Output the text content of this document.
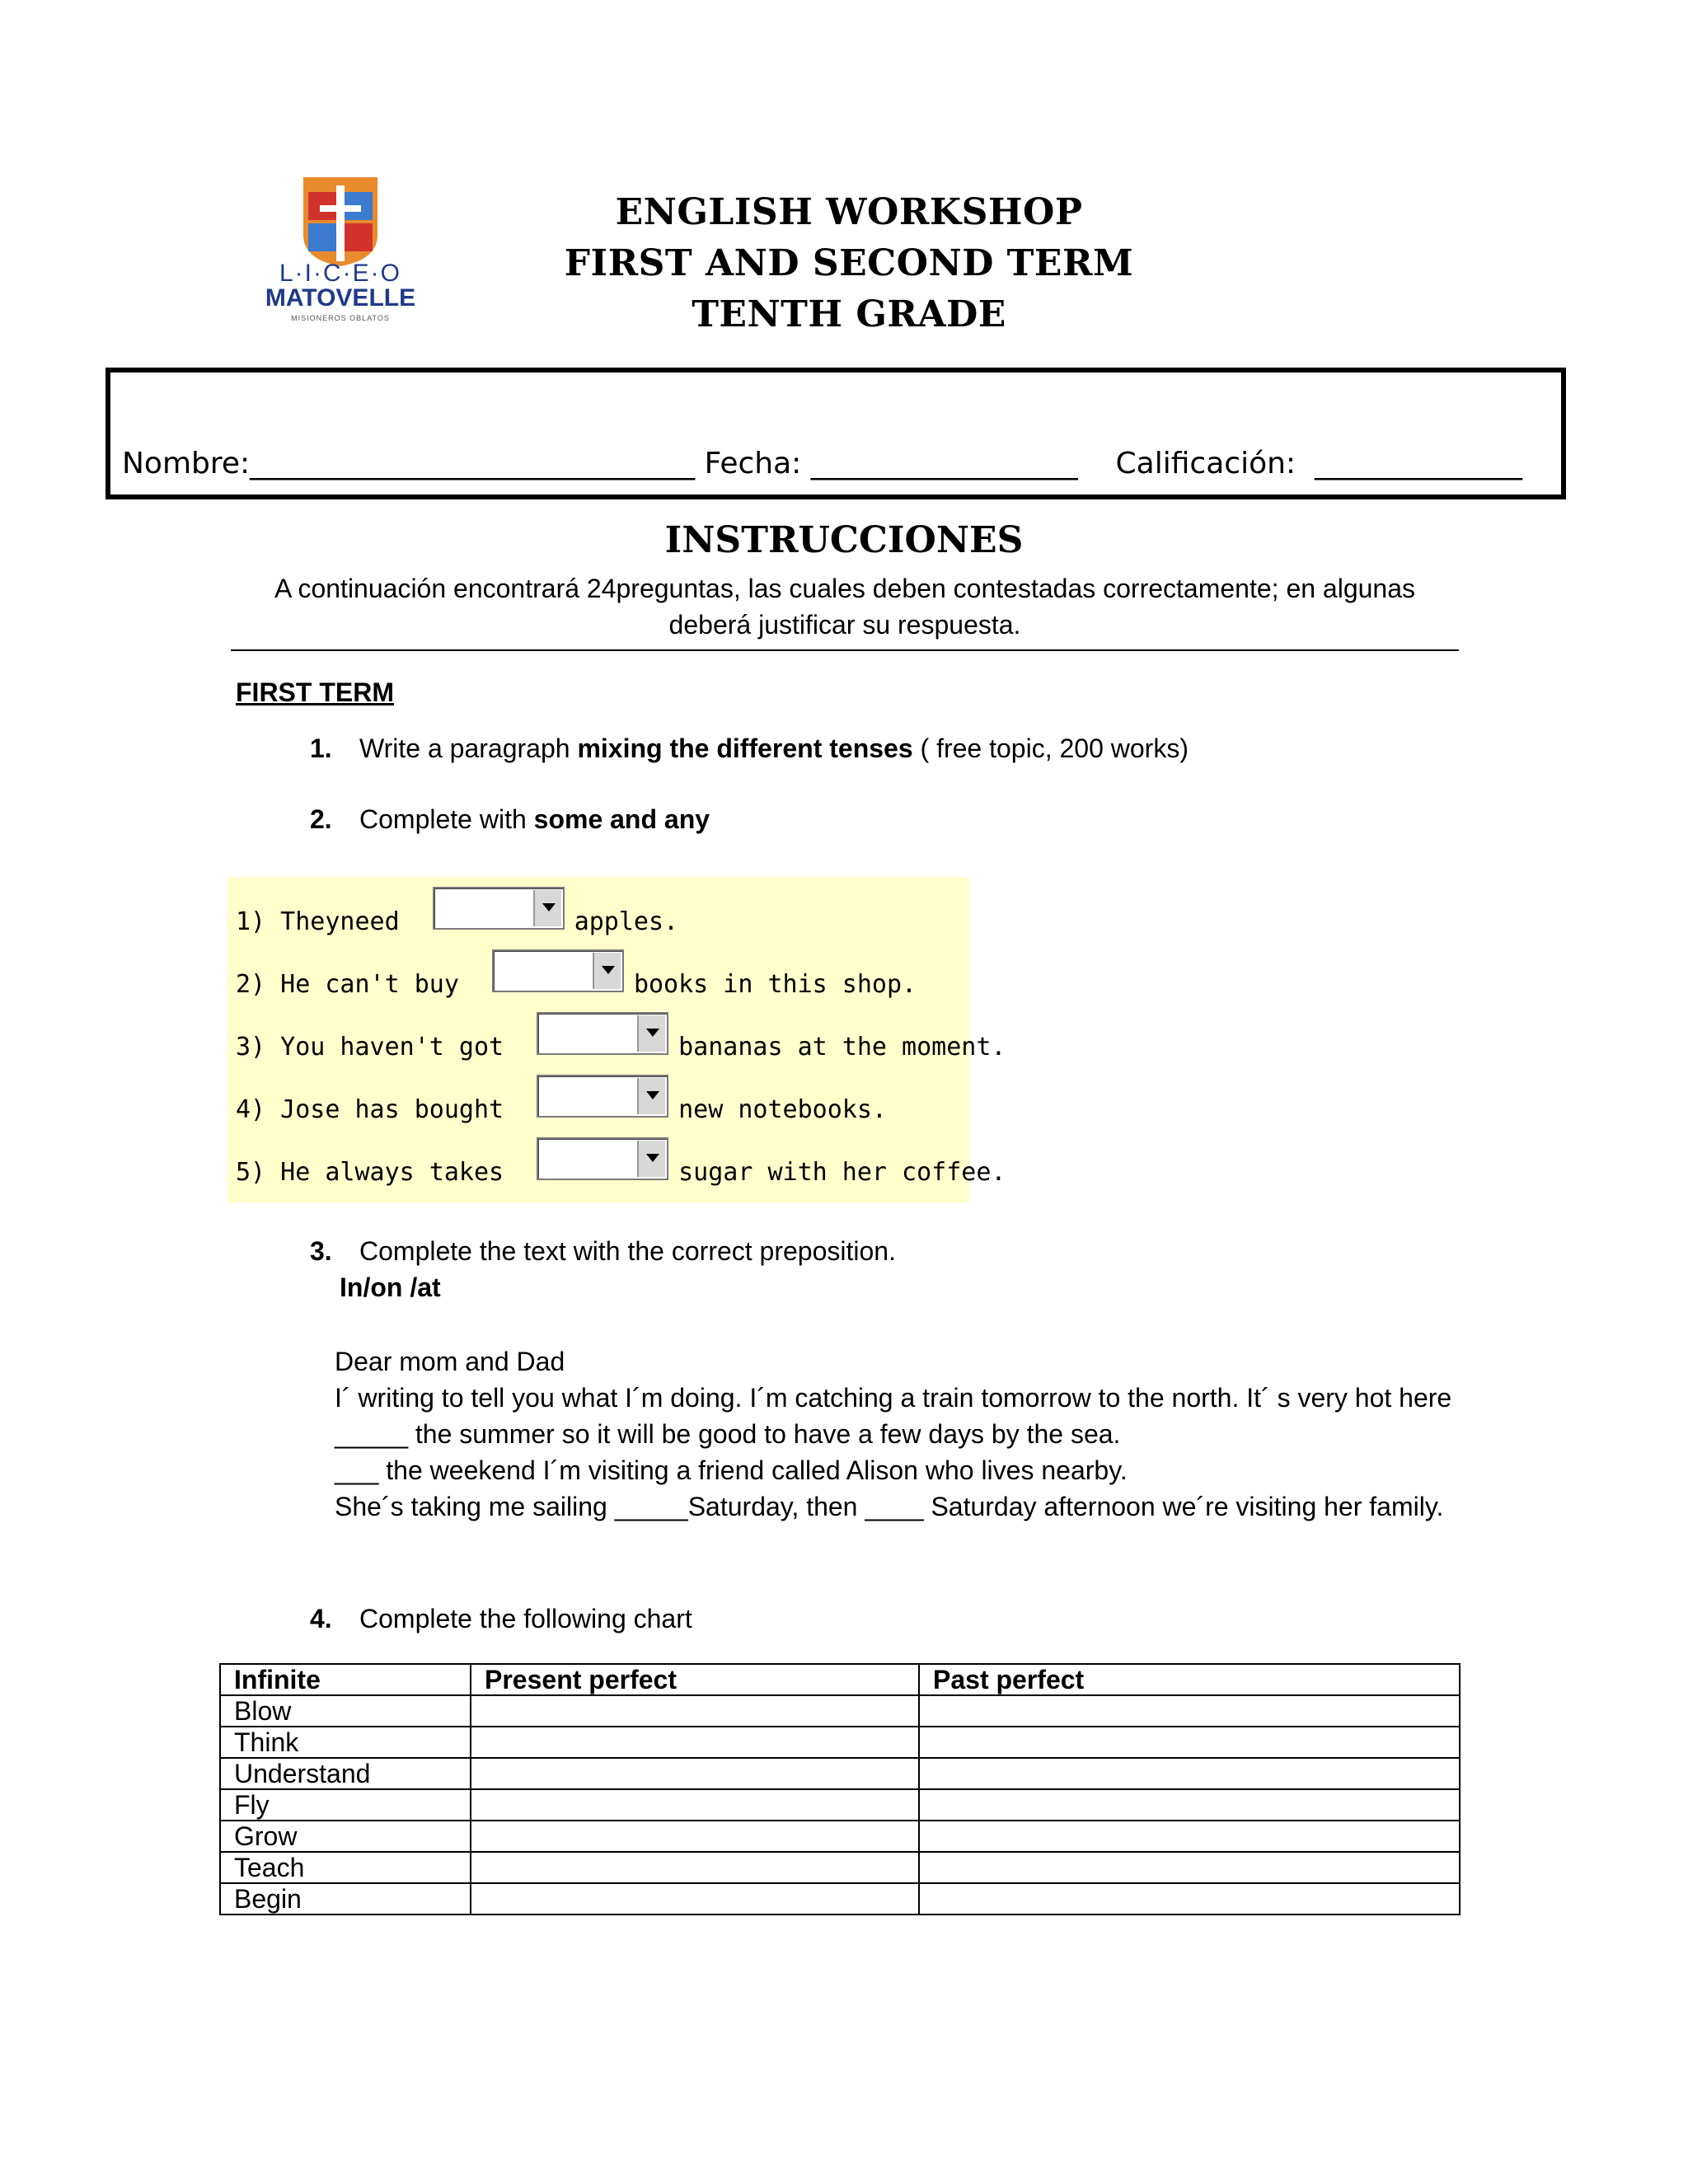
L·I·C·E·O
MATOVELLE
MISIONEROS OBLATOS
ENGLISH WORKSHOP
FIRST AND SECOND TERM
TENTH GRADE
Nombre:______________________________ Fecha: __________________ Calificación: ______________
INSTRUCCIONES
A continuación encontrará 24preguntas, las cuales deben contestadas correctamente; en algunas deberá justificar su respuesta.
FIRST TERM
1. Write a paragraph mixing the different tenses ( free topic, 200 works)
2. Complete with some and any
1) Theyneed	apples.
2) He can't buy	books in this shop.
3) You haven't got	bananas at the moment.
4) Jose has bought	new notebooks.
5) He always takes	sugar with her coffee.
3. Complete the text with the correct preposition.
In/on /at
Dear mom and Dad
I´ writing to tell you what I´m doing. I´m catching a train tomorrow to the north. It´ s very hot here _____ the summer so it will be good to have a few days by the sea.
___ the weekend I´m visiting a friend called Alison who lives nearby.
She´s taking me sailing _____Saturday, then ____ Saturday afternoon we´re visiting her family.
4. Complete the following chart
Infinite	Present perfect	Past perfect
Blow		
Think		
Understand		
Fly		
Grow		
Teach		
Begin		
